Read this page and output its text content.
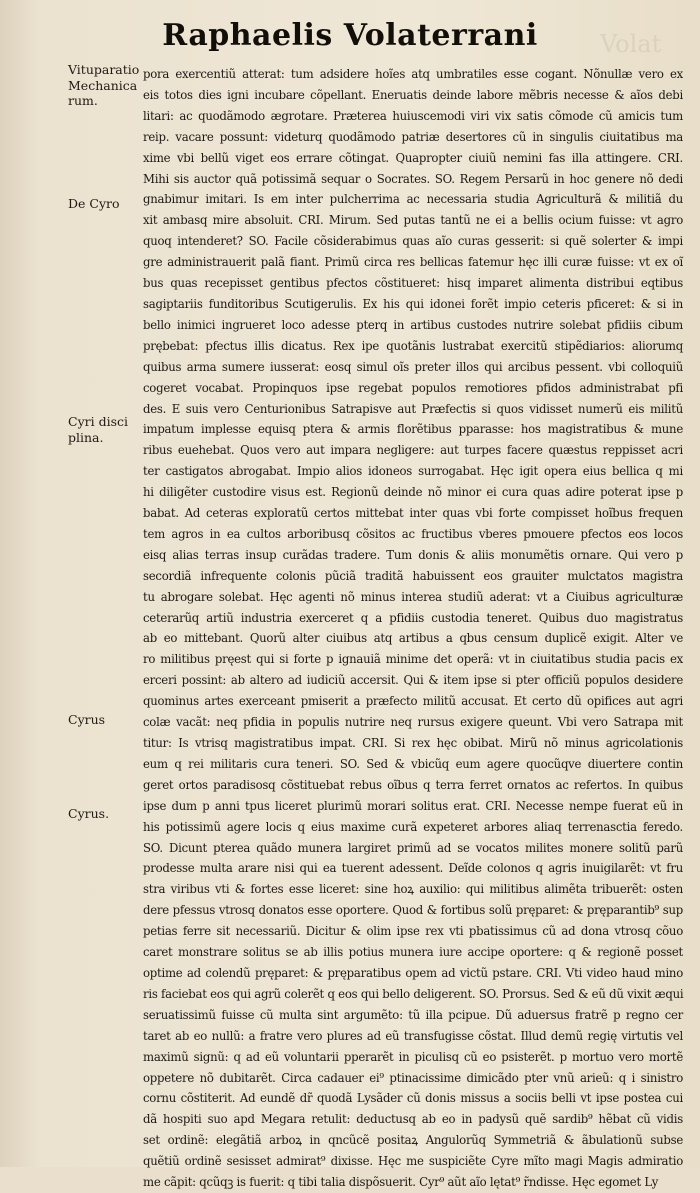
Volat
Raphaelis Volaterrani
Vituparatio Mechanica rum.
De Cyro
Cyri disci plina.
Cyrus
Cyrus.
pora exercentiũ atterat: tum adsidere hoĩes atq umbratiles esse cogant. Nõnullæ vero ex
eis totos dies igni incubare cõpellant. Eneruatis deinde labore mẽbris necesse & aĩos debi
litari: ac quodãmodo ægrotare. Præterea huiuscemodi viri vix satis cõmode cũ amicis tum
reip. vacare possunt: videturq quodãmodo patriæ desertores cũ in singulis ciuitatibus ma
xime vbi bellũ viget eos errare cõtingat. Quapropter ciuiũ nemini fas illa attingere. CRI.
Mihi sis auctor quã potissimã sequar o Socrates. SO. Regem Persarũ in hoc genere nõ dedi
gnabimur imitari. Is em inter pulcherrima ac necessaria studia Agriculturã & militiã du
xit ambasq mire absoluit. CRI. Mirum. Sed putas tantũ ne ei a bellis ocium fuisse: vt agro
quoq intenderet? SO. Facile cõsiderabimus quas aĩo curas gesserit: si quẽ solerter & impi
gre administrauerit palã fiant. Primũ circa res bellicas fatemur hęc illi curæ fuisse: vt ex oĩ
bus quas recepisset gentibus pfectos cõstitueret: hisq imparet alimenta distribui eqtibus
sagiptariis funditoribus Scutigerulis. Ex his qui idonei forẽt impio ceteris pficeret: & si in
bello inimici ingrueret loco adesse pterq in artibus custodes nutrire solebat pfidiis cibum
prębebat: pfectus illis dicatus. Rex ipe quotãnis lustrabat exercitũ stipẽdiarios: aliorumq
quibus arma sumere iusserat: eosq simul oĩs preter illos qui arcibus pessent. vbi colloquiũ
cogeret vocabat. Propinquos ipse regebat populos remotiores pfidos administrabat pfi
des. E suis vero Centurionibus Satrapisve aut Præfectis si quos vidisset numerũ eis militũ
impatum implesse equisq ptera & armis florẽtibus pparasse: hos magistratibus & mune
ribus euehebat. Quos vero aut impara negligere: aut turpes facere quæstus reppisset acri
ter castigatos abrogabat. Impio alios idoneos surrogabat. Hęc igit opera eius bellica q mi
hi diligẽter custodire visus est. Regionũ deinde nõ minor ei cura quas adire poterat ipse p
babat. Ad ceteras exploratũ certos mittebat inter quas vbi forte compisset hoĩbus frequen
tem agros in ea cultos arboribusq cõsitos ac fructibus vberes pmouere pfectos eos locos
eisq alias terras insup curãdas tradere. Tum donis & aliis monumẽtis ornare. Qui vero p
secordiã infrequente colonis pũciã traditã habuissent eos grauiter mulctatos magistra
tu abrogare solebat. Hęc agenti nõ minus interea studiũ aderat: vt a Ciuibus agriculturæ
ceterarũq artiũ industria exerceret q a pfidiis custodia teneret. Quibus duo magistratus
ab eo mittebant. Quorũ alter ciuibus atq artibus a qbus censum duplicẽ exigit. Alter ve
ro militibus pręest qui si forte p ignauiã minime det operã: vt in ciuitatibus studia pacis ex
erceri possint: ab altero ad iudiciũ accersit. Qui & item ipse si pter officiũ populos desidere
quominus artes exerceant pmiserit a præfecto militũ accusat. Et certo dũ opifices aut agri
colæ vacãt: neq pfidia in populis nutrire neq rursus exigere queunt. Vbi vero Satrapa mit
titur: Is vtrisq magistratibus impat. CRI. Si rex hęc obibat. Mirũ nõ minus agricolationis
eum q rei militaris cura teneri. SO. Sed & vbicũq eum agere quocũqve diuertere contin
geret ortos paradisosq cõstituebat rebus oĩbus q terra ferret ornatos ac refertos. In quibus
ipse dum p anni tpus liceret plurimũ morari solitus erat. CRI. Necesse nempe fuerat eũ in
his potissimũ agere locis q eius maxime curã expeteret arbores aliaq terrenasctia feredo.
SO. Dicunt pterea quãdo munera largiret primũ ad se vocatos milites monere solitũ parũ
prodesse multa arare nisi qui ea tuerent adessent. Deĩde colonos q agris inuigilarẽt: vt fru
stra viribus vti & fortes esse liceret: sine hoꝝ auxilio: qui militibus alimẽta tribuerẽt: osten
dere pfessus vtrosq donatos esse oportere. Quod & fortibus solũ pręparet: & pręparantib⁹ sup
petias ferre sit necessariũ. Dicitur & olim ipse rex vti pbatissimus cũ ad dona vtrosq cõuo
caret monstrare solitus se ab illis potius munera iure accipe oportere: q & regionẽ posset
optime ad colendũ pręparet: & pręparatibus opem ad victũ pstare. CRI. Vti video haud mino
ris faciebat eos qui agrũ colerẽt q eos qui bello deligerent. SO. Prorsus. Sed & eũ dũ vixit æqui
seruatissimũ fuisse cũ multa sint argumẽto: tũ illa pcipue. Dũ aduersus fratrẽ p regno cer
taret ab eo nullũ: a fratre vero plures ad eũ transfugisse cõstat. Illud demũ regię virtutis vel
maximũ signũ: q ad eũ voluntarii pperarẽt in piculisq cũ eo psisterẽt. p mortuo vero mortẽ
oppetere nõ dubitarẽt. Circa cadauer ei⁹ ptinacissime dimicãdo pter vnũ arieũ: q i sinistro
cornu cõstiterit. Ad eundẽ dr̃ quodã Lysãder cũ donis missus a sociis belli vt ipse postea cui
dã hospiti suo apd Megara retulit: deductusq ab eo in padysũ quẽ sardib⁹ hẽbat cũ vidis
set ordinẽ: elegãtiã arboꝝ in qncũcẽ positaꝝ Angulorũq Symmetriã & ãbulationũ subse
quẽtiũ ordinẽ sesisset admirat⁹ dixisse. Hęc me suspiciẽte Cyre mĩto magi Magis admiratio
me cãpit: qcũqꝫ is fuerit: q tibi talia dispõsuerit. Cyr⁹ aũt aĩo lętat⁹ r̃ndisse. Hęc egomet Ly
